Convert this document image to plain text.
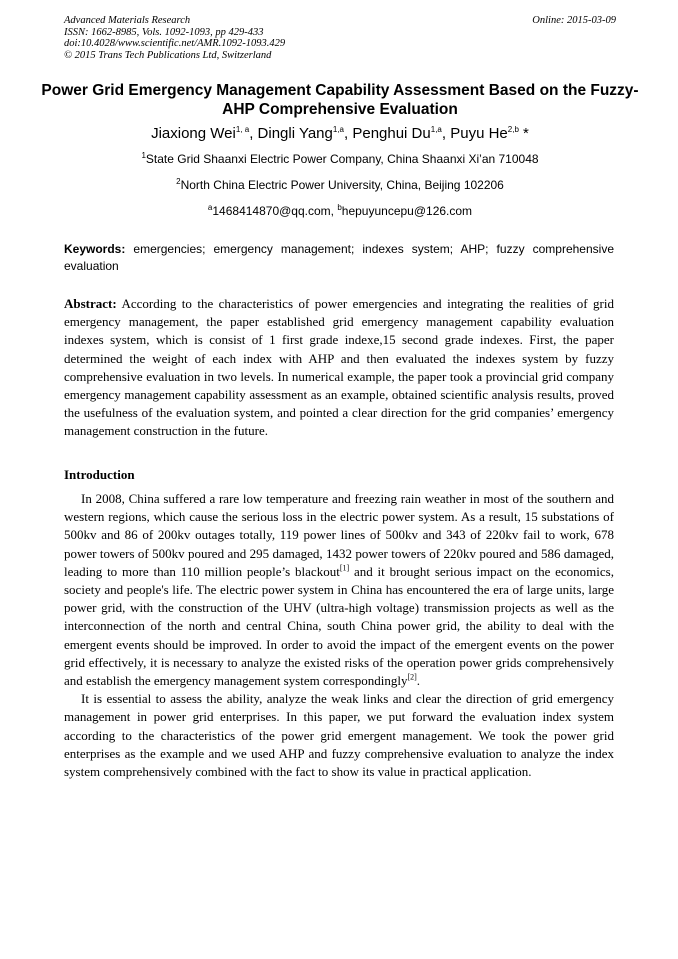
Advanced Materials Research
ISSN: 1662-8985, Vols. 1092-1093, pp 429-433
doi:10.4028/www.scientific.net/AMR.1092-1093.429
© 2015 Trans Tech Publications Ltd, Switzerland
Online: 2015-03-09
Power Grid Emergency Management Capability Assessment Based on the Fuzzy-AHP Comprehensive Evaluation
Jiaxiong Wei$^{1, a}$, Dingli Yang$^{1,a}$, Penghui Du$^{1,a}$, Puyu He$^{2,b}$ *
$^1$State Grid Shaanxi Electric Power Company, China Shaanxi Xi’an 710048
$^2$North China Electric Power University, China, Beijing 102206
$^a$1468414870@qq.com, $^b$hepuyuncepu@126.com
Keywords: emergencies; emergency management; indexes system; AHP; fuzzy comprehensive evaluation
Abstract: According to the characteristics of power emergencies and integrating the realities of grid emergency management, the paper established grid emergency management capability evaluation indexes system, which is consist of 1 first grade indexe,15 second grade indexes. First, the paper determined the weight of each index with AHP and then evaluated the indexes system by fuzzy comprehensive evaluation in two levels. In numerical example, the paper took a provincial grid company emergency management capability assessment as an example, obtained scientific analysis results, proved the usefulness of the evaluation system, and pointed a clear direction for the grid companies’ emergency management construction in the future.
Introduction

In 2008, China suffered a rare low temperature and freezing rain weather in most of the southern and western regions, which cause the serious loss in the electric power system. As a result, 15 substations of 500kv and 86 of 200kv outages totally, 119 power lines of 500kv and 343 of 220kv fail to work, 678 power towers of 500kv poured and 295 damaged, 1432 power towers of 220kv poured and 586 damaged, leading to more than 110 million people’s blackout[1] and it brought serious impact on the economics, society and people's life. The electric power system in China has encountered the era of large units, large power grid, with the construction of the UHV (ultra-high voltage) transmission projects as well as the interconnection of the north and central China, south China power grid, the ability to deal with the emergent events should be improved. In order to avoid the impact of the emergent events on the power grid effectively, it is necessary to analyze the existed risks of the operation power grids comprehensively and establish the emergency management system correspondingly[2].

It is essential to assess the ability, analyze the weak links and clear the direction of grid emergency management in power grid enterprises. In this paper, we put forward the evaluation index system according to the characteristics of the power grid emergent management. We took the power grid enterprises as the example and we used AHP and fuzzy comprehensive evaluation to analyze the index system comprehensively combined with the fact to show its value in practical application.
